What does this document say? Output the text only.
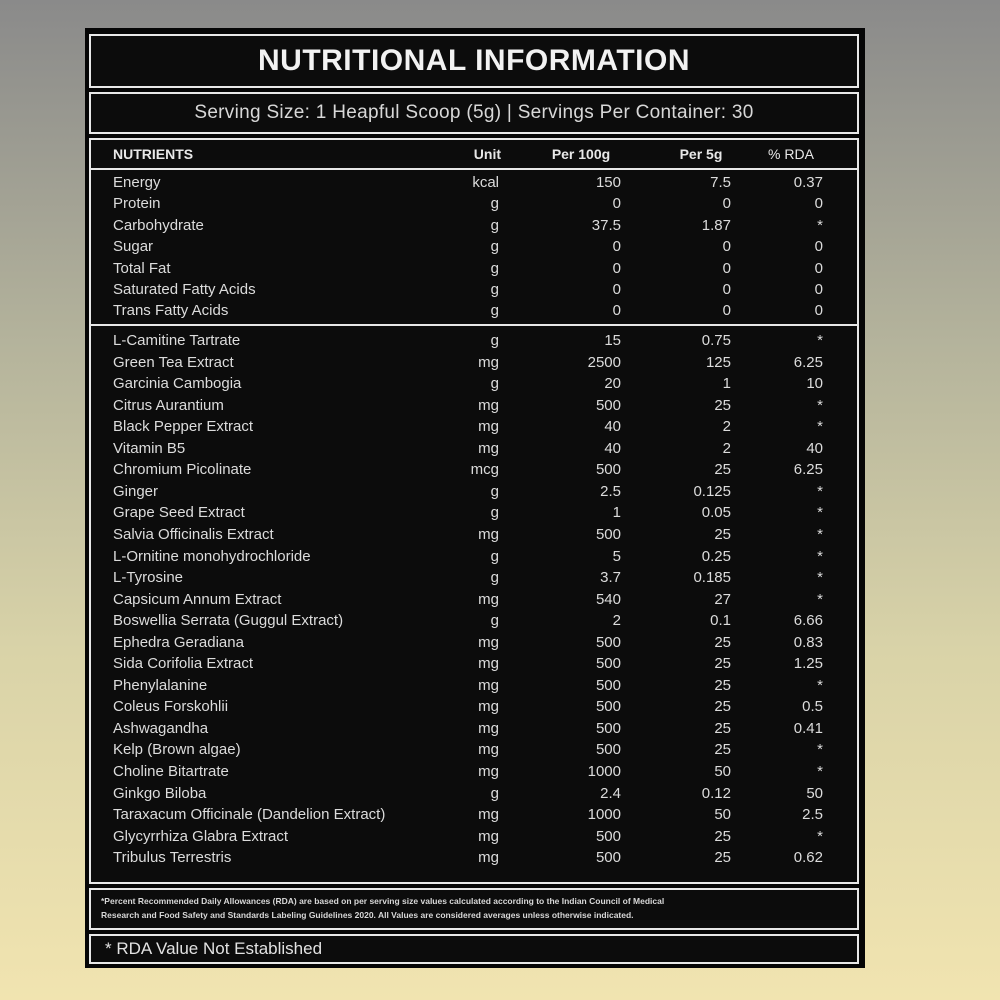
NUTRITIONAL INFORMATION
Serving Size: 1 Heapful Scoop (5g) | Servings Per Container: 30
NUTRIENTS	Unit	Per 100g	Per 5g	% RDA
Energy	kcal	150	7.5	0.37
Protein	g	0	0	0
Carbohydrate	g	37.5	1.87	*
Sugar	g	0	0	0
Total Fat	g	0	0	0
Saturated Fatty Acids	g	0	0	0
Trans Fatty Acids	g	0	0	0
L-Camitine Tartrate	g	15	0.75	*
Green Tea Extract	mg	2500	125	6.25
Garcinia Cambogia	g	20	1	10
Citrus Aurantium	mg	500	25	*
Black Pepper Extract	mg	40	2	*
Vitamin B5	mg	40	2	40
Chromium Picolinate	mcg	500	25	6.25
Ginger	g	2.5	0.125	*
Grape Seed Extract	g	1	0.05	*
Salvia Officinalis Extract	mg	500	25	*
L-Ornitine monohydrochloride	g	5	0.25	*
L-Tyrosine	g	3.7	0.185	*
Capsicum Annum Extract	mg	540	27	*
Boswellia Serrata (Guggul Extract)	g	2	0.1	6.66
Ephedra Geradiana	mg	500	25	0.83
Sida Corifolia Extract	mg	500	25	1.25
Phenylalanine	mg	500	25	*
Coleus Forskohlii	mg	500	25	0.5
Ashwagandha	mg	500	25	0.41
Kelp (Brown algae)	mg	500	25	*
Choline Bitartrate	mg	1000	50	*
Ginkgo Biloba	g	2.4	0.12	50
Taraxacum Officinale (Dandelion Extract)	mg	1000	50	2.5
Glycyrrhiza Glabra Extract	mg	500	25	*
Tribulus Terrestris	mg	500	25	0.62
*Percent Recommended Daily Allowances (RDA) are based on per serving size values calculated according to the Indian Council of Medical
Research and Food Safety and Standards Labeling Guidelines 2020. All Values are considered averages unless otherwise indicated.
* RDA Value Not Established
